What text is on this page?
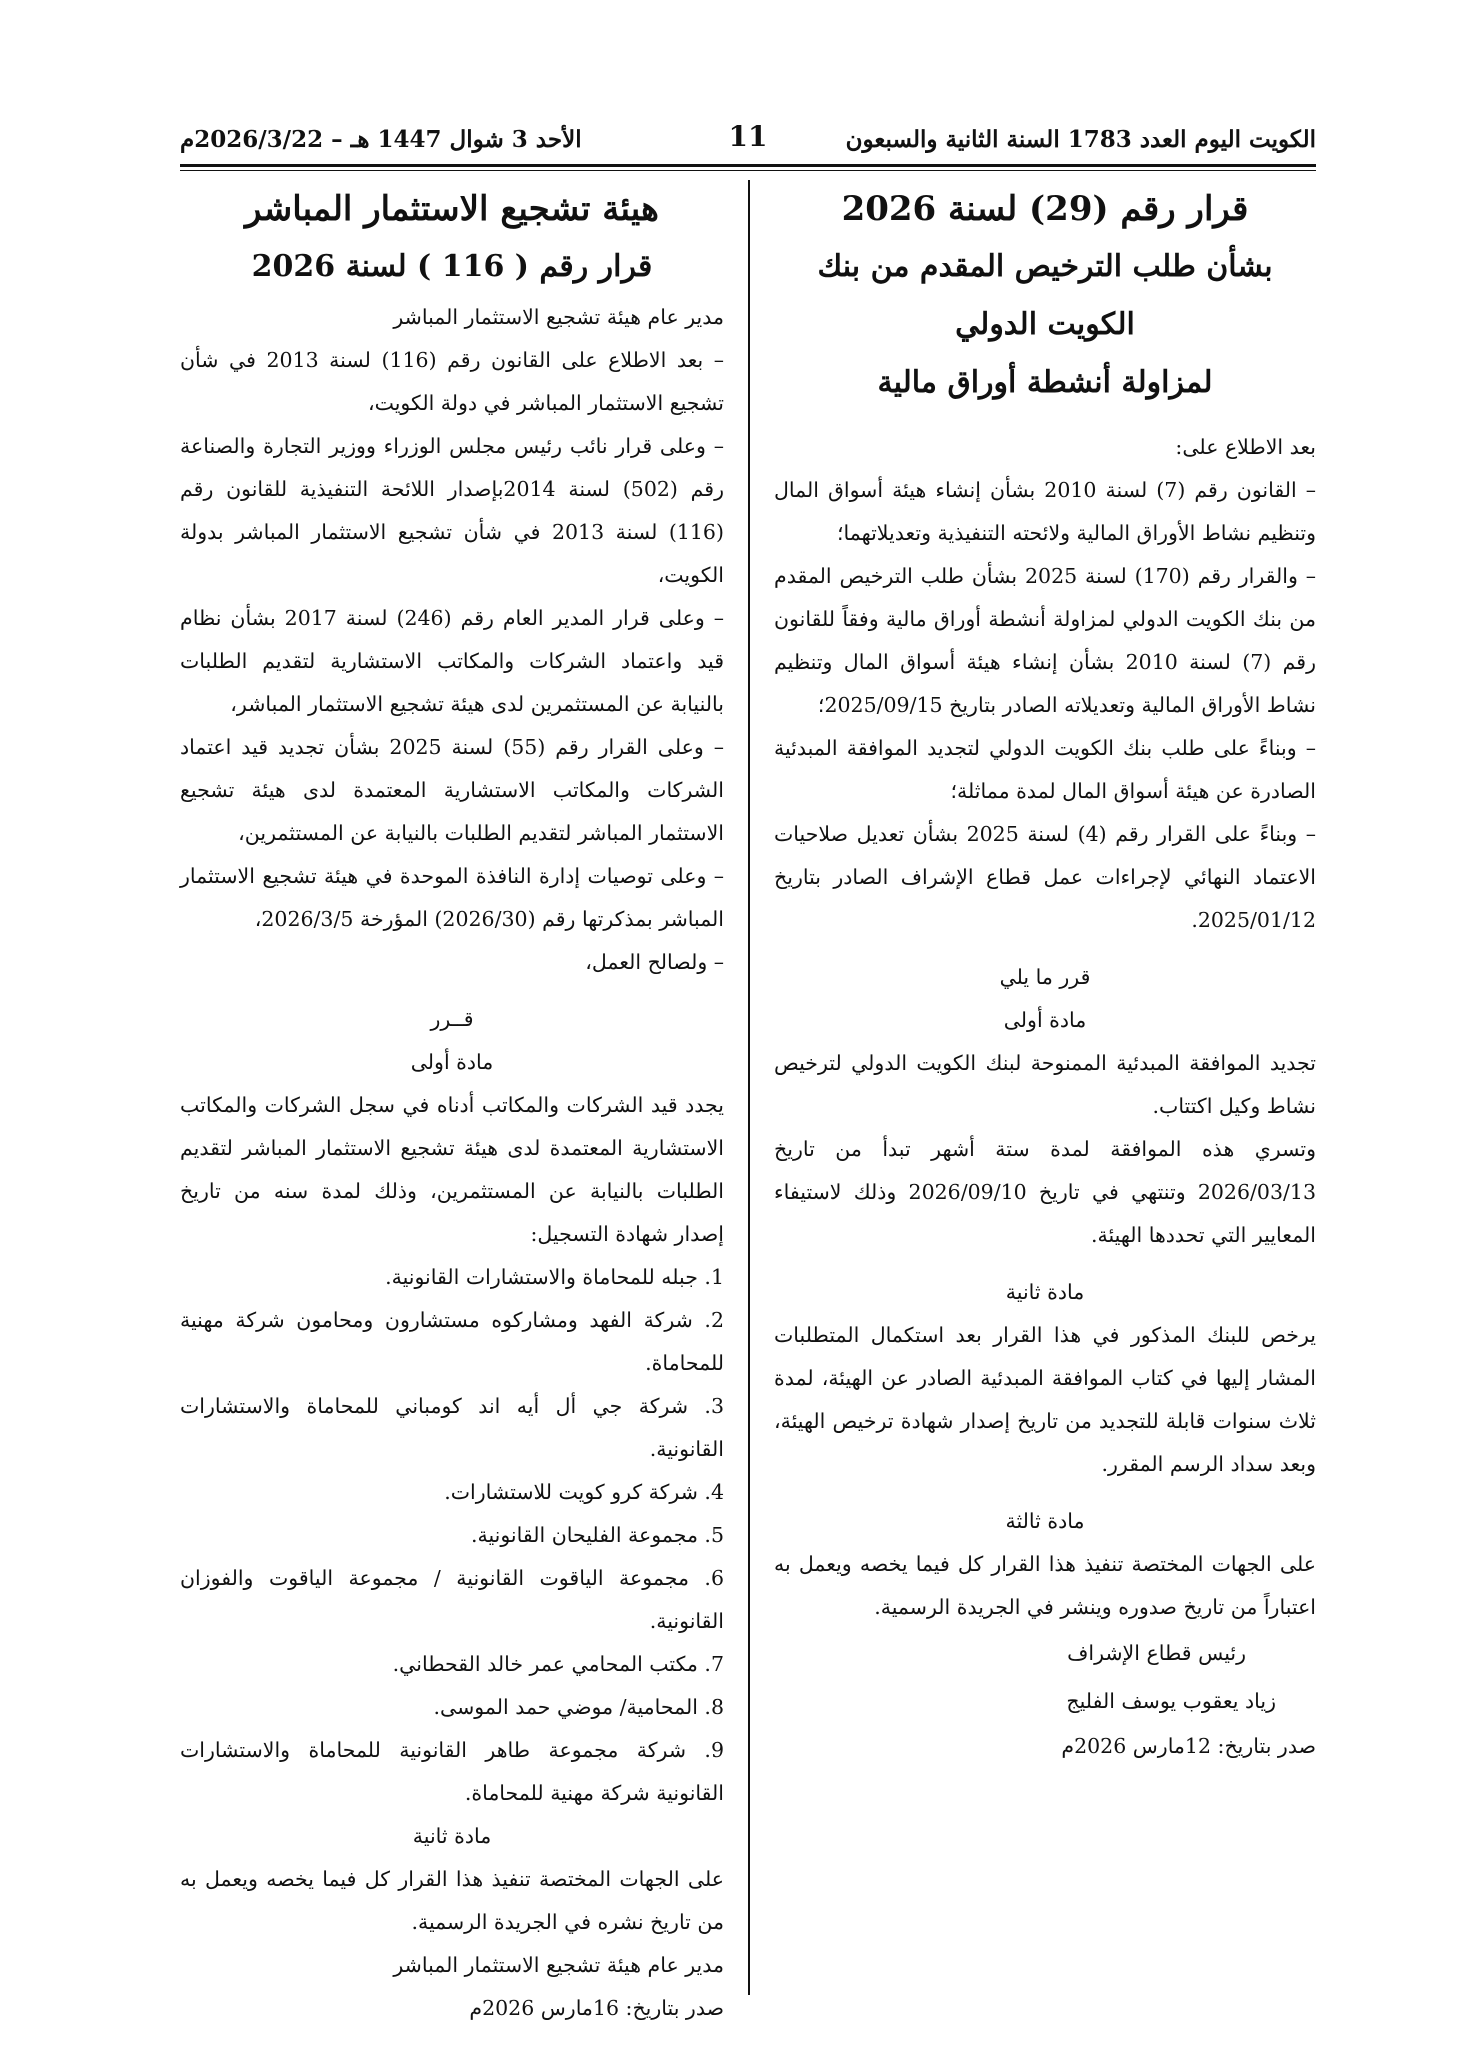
الكويت اليوم العدد 1783 السنة الثانية والسبعون
11
الأحد 3 شوال 1447 هـ – 2026/3/22م
قرار رقم (29) لسنة 2026
بشأن طلب الترخيص المقدم من بنك الكويت الدولي
لمزاولة أنشطة أوراق مالية

بعد الاطلاع على:

– القانون رقم (7) لسنة 2010 بشأن إنشاء هيئة أسواق المال وتنظيم نشاط الأوراق المالية ولائحته التنفيذية وتعديلاتهما؛

– والقرار رقم (170) لسنة 2025 بشأن طلب الترخيص المقدم من بنك الكويت الدولي لمزاولة أنشطة أوراق مالية وفقاً للقانون رقم (7) لسنة 2010 بشأن إنشاء هيئة أسواق المال وتنظيم نشاط الأوراق المالية وتعديلاته الصادر بتاريخ 2025/09/15؛

– وبناءً على طلب بنك الكويت الدولي لتجديد الموافقة المبدئية الصادرة عن هيئة أسواق المال لمدة مماثلة؛

– وبناءً على القرار رقم (4) لسنة 2025 بشأن تعديل صلاحيات الاعتماد النهائي لإجراءات عمل قطاع الإشراف الصادر بتاريخ 2025/01/12.

قرر ما يلي

مادة أولى

تجديد الموافقة المبدئية الممنوحة لبنك الكويت الدولي لترخيص نشاط وكيل اكتتاب.

وتسري هذه الموافقة لمدة ستة أشهر تبدأ من تاريخ 2026/03/13 وتنتهي في تاريخ 2026/09/10 وذلك لاستيفاء المعايير التي تحددها الهيئة.

مادة ثانية

يرخص للبنك المذكور في هذا القرار بعد استكمال المتطلبات المشار إليها في كتاب الموافقة المبدئية الصادر عن الهيئة، لمدة ثلاث سنوات قابلة للتجديد من تاريخ إصدار شهادة ترخيص الهيئة، وبعد سداد الرسم المقرر.

مادة ثالثة

على الجهات المختصة تنفيذ هذا القرار كل فيما يخصه ويعمل به اعتباراً من تاريخ صدوره وينشر في الجريدة الرسمية.

رئيس قطاع الإشراف

زياد يعقوب يوسف الفليج

صدر بتاريخ: 12مارس 2026م

هيئة تشجيع الاستثمار المباشر
قرار رقم ( 116 ) لسنة 2026

مدير عام هيئة تشجيع الاستثمار المباشر

– بعد الاطلاع على القانون رقم (116) لسنة 2013 في شأن تشجيع الاستثمار المباشر في دولة الكويت،

– وعلى قرار نائب رئيس مجلس الوزراء ووزير التجارة والصناعة رقم (502) لسنة 2014بإصدار اللائحة التنفيذية للقانون رقم (116) لسنة 2013 في شأن تشجيع الاستثمار المباشر بدولة الكويت،

– وعلى قرار المدير العام رقم (246) لسنة 2017 بشأن نظام قيد واعتماد الشركات والمكاتب الاستشارية لتقديم الطلبات بالنيابة عن المستثمرين لدى هيئة تشجيع الاستثمار المباشر،

– وعلى القرار رقم (55) لسنة 2025 بشأن تجديد قيد اعتماد الشركات والمكاتب الاستشارية المعتمدة لدى هيئة تشجيع الاستثمار المباشر لتقديم الطلبات بالنيابة عن المستثمرين،

– وعلى توصيات إدارة النافذة الموحدة في هيئة تشجيع الاستثمار المباشر بمذكرتها رقم (2026/30) المؤرخة 2026/3/5،

– ولصالح العمل،

قــرر

مادة أولى

يجدد قيد الشركات والمكاتب أدناه في سجل الشركات والمكاتب الاستشارية المعتمدة لدى هيئة تشجيع الاستثمار المباشر لتقديم الطلبات بالنيابة عن المستثمرين، وذلك لمدة سنه من تاريخ إصدار شهادة التسجيل:

1. جبله للمحاماة والاستشارات القانونية.
2. شركة الفهد ومشاركوه مستشارون ومحامون شركة مهنية للمحاماة.
3. شركة جي أل أيه اند كومباني للمحاماة والاستشارات القانونية.
4. شركة كرو كويت للاستشارات.
5. مجموعة الفليحان القانونية.
6. مجموعة الياقوت القانونية / مجموعة الياقوت والفوزان القانونية.
7. مكتب المحامي عمر خالد القحطاني.
8. المحامية/ موضي حمد الموسى.
9. شركة مجموعة طاهر القانونية للمحاماة والاستشارات القانونية شركة مهنية للمحاماة.

مادة ثانية

على الجهات المختصة تنفيذ هذا القرار كل فيما يخصه ويعمل به من تاريخ نشره في الجريدة الرسمية.

مدير عام هيئة تشجيع الاستثمار المباشر

صدر بتاريخ: 16مارس 2026م
